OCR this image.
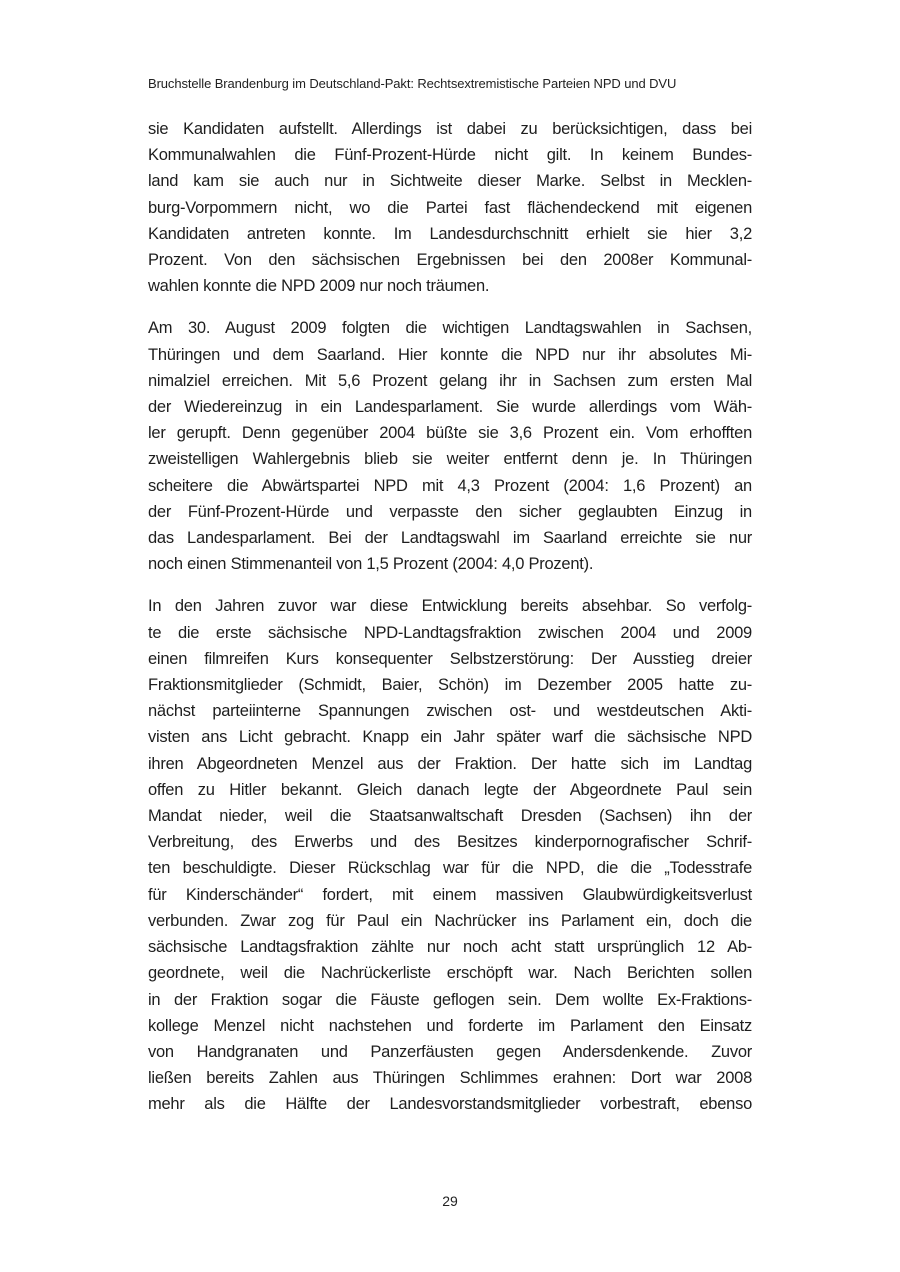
Bruchstelle Brandenburg im Deutschland-Pakt: Rechtsextremistische Parteien NPD und DVU
sie Kandidaten aufstellt. Allerdings ist dabei zu berücksichtigen, dass bei
Kommunalwahlen die Fünf-Prozent-Hürde nicht gilt. In keinem Bundes-
land kam sie auch nur in Sichtweite dieser Marke. Selbst in Mecklen-
burg-Vorpommern nicht, wo die Partei fast flächendeckend mit eigenen
Kandidaten antreten konnte. Im Landesdurchschnitt erhielt sie hier 3,2
Prozent. Von den sächsischen Ergebnissen bei den 2008er Kommunal-
wahlen konnte die NPD 2009 nur noch träumen.
Am 30. August 2009 folgten die wichtigen Landtagswahlen in Sachsen,
Thüringen und dem Saarland. Hier konnte die NPD nur ihr absolutes Mi-
nimalziel erreichen. Mit 5,6 Prozent gelang ihr in Sachsen zum ersten Mal
der Wiedereinzug in ein Landesparlament. Sie wurde allerdings vom Wäh-
ler gerupft. Denn gegenüber 2004 büßte sie 3,6 Prozent ein. Vom erhofften
zweistelligen Wahlergebnis blieb sie weiter entfernt denn je. In Thüringen
scheitere die Abwärtspartei NPD mit 4,3 Prozent (2004: 1,6 Prozent) an
der Fünf-Prozent-Hürde und verpasste den sicher geglaubten Einzug in
das Landesparlament. Bei der Landtagswahl im Saarland erreichte sie nur
noch einen Stimmenanteil von 1,5 Prozent (2004: 4,0 Prozent).
In den Jahren zuvor war diese Entwicklung bereits absehbar. So verfolg-
te die erste sächsische NPD-Landtagsfraktion zwischen 2004 und 2009
einen filmreifen Kurs konsequenter Selbstzerstörung: Der Ausstieg dreier
Fraktionsmitglieder (Schmidt, Baier, Schön) im Dezember 2005 hatte zu-
nächst parteiinterne Spannungen zwischen ost- und westdeutschen Akti-
visten ans Licht gebracht. Knapp ein Jahr später warf die sächsische NPD
ihren Abgeordneten Menzel aus der Fraktion. Der hatte sich im Landtag
offen zu Hitler bekannt. Gleich danach legte der Abgeordnete Paul sein
Mandat nieder, weil die Staatsanwaltschaft Dresden (Sachsen) ihn der
Verbreitung, des Erwerbs und des Besitzes kinderpornografischer Schrif-
ten beschuldigte. Dieser Rückschlag war für die NPD, die die „Todesstrafe
für Kinderschänder“ fordert, mit einem massiven Glaubwürdigkeitsverlust
verbunden. Zwar zog für Paul ein Nachrücker ins Parlament ein, doch die
sächsische Landtagsfraktion zählte nur noch acht statt ursprünglich 12 Ab-
geordnete, weil die Nachrückerliste erschöpft war. Nach Berichten sollen
in der Fraktion sogar die Fäuste geflogen sein. Dem wollte Ex-Fraktions-
kollege Menzel nicht nachstehen und forderte im Parlament den Einsatz
von Handgranaten und Panzerfäusten gegen Andersdenkende. Zuvor
ließen bereits Zahlen aus Thüringen Schlimmes erahnen: Dort war 2008
mehr als die Hälfte der Landesvorstandsmitglieder vorbestraft, ebenso
29
